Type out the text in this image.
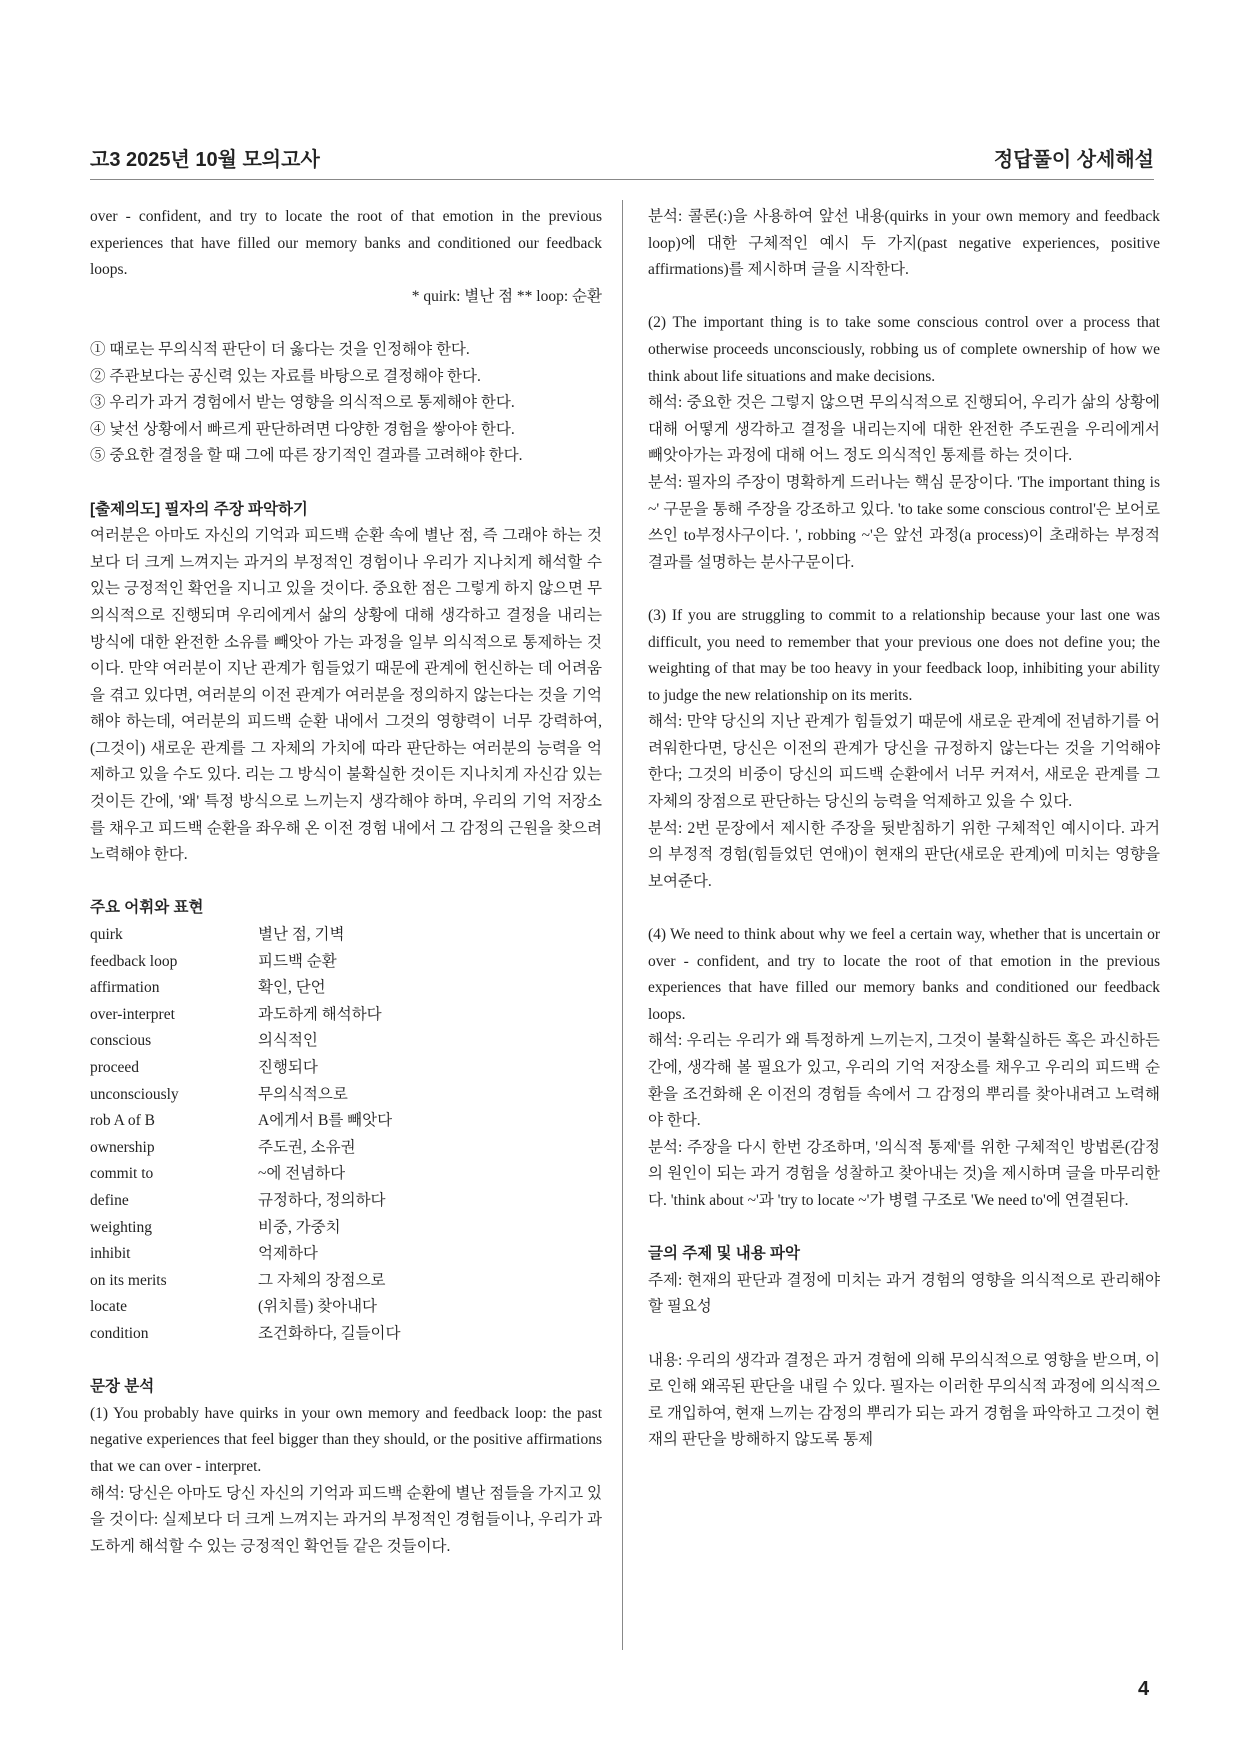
고3 2025년 10월 모의고사	정답풀이 상세해설

over - confident, and try to locate the root of that emotion in the previous experiences that have filled our memory banks and conditioned our feedback loops.

* quirk: 별난 점 ** loop: 순환
① 때로는 무의식적 판단이 더 옳다는 것을 인정해야 한다.
② 주관보다는 공신력 있는 자료를 바탕으로 결정해야 한다.
③ 우리가 과거 경험에서 받는 영향을 의식적으로 통제해야 한다.
④ 낯선 상황에서 빠르게 판단하려면 다양한 경험을 쌓아야 한다.
⑤ 중요한 결정을 할 때 그에 따른 장기적인 결과를 고려해야 한다.
[출제의도] 필자의 주장 파악하기

여러분은 아마도 자신의 기억과 피드백 순환 속에 별난 점, 즉 그래야 하는 것보다 더 크게 느껴지는 과거의 부정적인 경험이나 우리가 지나치게 해석할 수 있는 긍정적인 확언을 지니고 있을 것이다. 중요한 점은 그렇게 하지 않으면 무의식적으로 진행되며 우리에게서 삶의 상황에 대해 생각하고 결정을 내리는 방식에 대한 완전한 소유를 빼앗아 가는 과정을 일부 의식적으로 통제하는 것이다. 만약 여러분이 지난 관계가 힘들었기 때문에 관계에 헌신하는 데 어려움을 겪고 있다면, 여러분의 이전 관계가 여러분을 정의하지 않는다는 것을 기억해야 하는데, 여러분의 피드백 순환 내에서 그것의 영향력이 너무 강력하여, (그것이) 새로운 관계를 그 자체의 가치에 따라 판단하는 여러분의 능력을 억제하고 있을 수도 있다. 리는 그 방식이 불확실한 것이든 지나치게 자신감 있는 것이든 간에, '왜' 특정 방식으로 느끼는지 생각해야 하며, 우리의 기억 저장소를 채우고 피드백 순환을 좌우해 온 이전 경험 내에서 그 감정의 근원을 찾으려 노력해야 한다.

주요 어휘와 표현
quirk	별난 점, 기벽
feedback loop	피드백 순환
affirmation	확인, 단언
over-interpret	과도하게 해석하다
conscious	의식적인
proceed	진행되다
unconsciously	무의식적으로
rob A of B	A에게서 B를 빼앗다
ownership	주도권, 소유권
commit to	~에 전념하다
define	규정하다, 정의하다
weighting	비중, 가중치
inhibit	억제하다
on its merits	그 자체의 장점으로
locate	(위치를) 찾아내다
condition	조건화하다, 길들이다
문장 분석

(1) You probably have quirks in your own memory and feedback loop: the past negative experiences that feel bigger than they should, or the positive affirmations that we can over - interpret.

해석: 당신은 아마도 당신 자신의 기억과 피드백 순환에 별난 점들을 가지고 있을 것이다: 실제보다 더 크게 느껴지는 과거의 부정적인 경험들이나, 우리가 과도하게 해석할 수 있는 긍정적인 확언들 같은 것들이다.

분석: 콜론(:)을 사용하여 앞선 내용(quirks in your own memory and feedback loop)에 대한 구체적인 예시 두 가지(past negative experiences, positive affirmations)를 제시하며 글을 시작한다.

(2) The important thing is to take some conscious control over a process that otherwise proceeds unconsciously, robbing us of complete ownership of how we think about life situations and make decisions.

해석: 중요한 것은 그렇지 않으면 무의식적으로 진행되어, 우리가 삶의 상황에 대해 어떻게 생각하고 결정을 내리는지에 대한 완전한 주도권을 우리에게서 빼앗아가는 과정에 대해 어느 정도 의식적인 통제를 하는 것이다.

분석: 필자의 주장이 명확하게 드러나는 핵심 문장이다. 'The important thing is ~' 구문을 통해 주장을 강조하고 있다. 'to take some conscious control'은 보어로 쓰인 to부정사구이다. ', robbing ~'은 앞선 과정(a process)이 초래하는 부정적 결과를 설명하는 분사구문이다.

(3) If you are struggling to commit to a relationship because your last one was difficult, you need to remember that your previous one does not define you; the weighting of that may be too heavy in your feedback loop, inhibiting your ability to judge the new relationship on its merits.

해석: 만약 당신의 지난 관계가 힘들었기 때문에 새로운 관계에 전념하기를 어려워한다면, 당신은 이전의 관계가 당신을 규정하지 않는다는 것을 기억해야 한다; 그것의 비중이 당신의 피드백 순환에서 너무 커져서, 새로운 관계를 그 자체의 장점으로 판단하는 당신의 능력을 억제하고 있을 수 있다.

분석: 2번 문장에서 제시한 주장을 뒷받침하기 위한 구체적인 예시이다. 과거의 부정적 경험(힘들었던 연애)이 현재의 판단(새로운 관계)에 미치는 영향을 보여준다.

(4) We need to think about why we feel a certain way, whether that is uncertain or over - confident, and try to locate the root of that emotion in the previous experiences that have filled our memory banks and conditioned our feedback loops.

해석: 우리는 우리가 왜 특정하게 느끼는지, 그것이 불확실하든 혹은 과신하든 간에, 생각해 볼 필요가 있고, 우리의 기억 저장소를 채우고 우리의 피드백 순환을 조건화해 온 이전의 경험들 속에서 그 감정의 뿌리를 찾아내려고 노력해야 한다.

분석: 주장을 다시 한번 강조하며, '의식적 통제'를 위한 구체적인 방법론(감정의 원인이 되는 과거 경험을 성찰하고 찾아내는 것)을 제시하며 글을 마무리한다. 'think about ~'과 'try to locate ~'가 병렬 구조로 'We need to'에 연결된다.

글의 주제 및 내용 파악

주제: 현재의 판단과 결정에 미치는 과거 경험의 영향을 의식적으로 관리해야 할 필요성

내용: 우리의 생각과 결정은 과거 경험에 의해 무의식적으로 영향을 받으며, 이로 인해 왜곡된 판단을 내릴 수 있다. 필자는 이러한 무의식적 과정에 의식적으로 개입하여, 현재 느끼는 감정의 뿌리가 되는 과거 경험을 파악하고 그것이 현재의 판단을 방해하지 않도록 통제

4
